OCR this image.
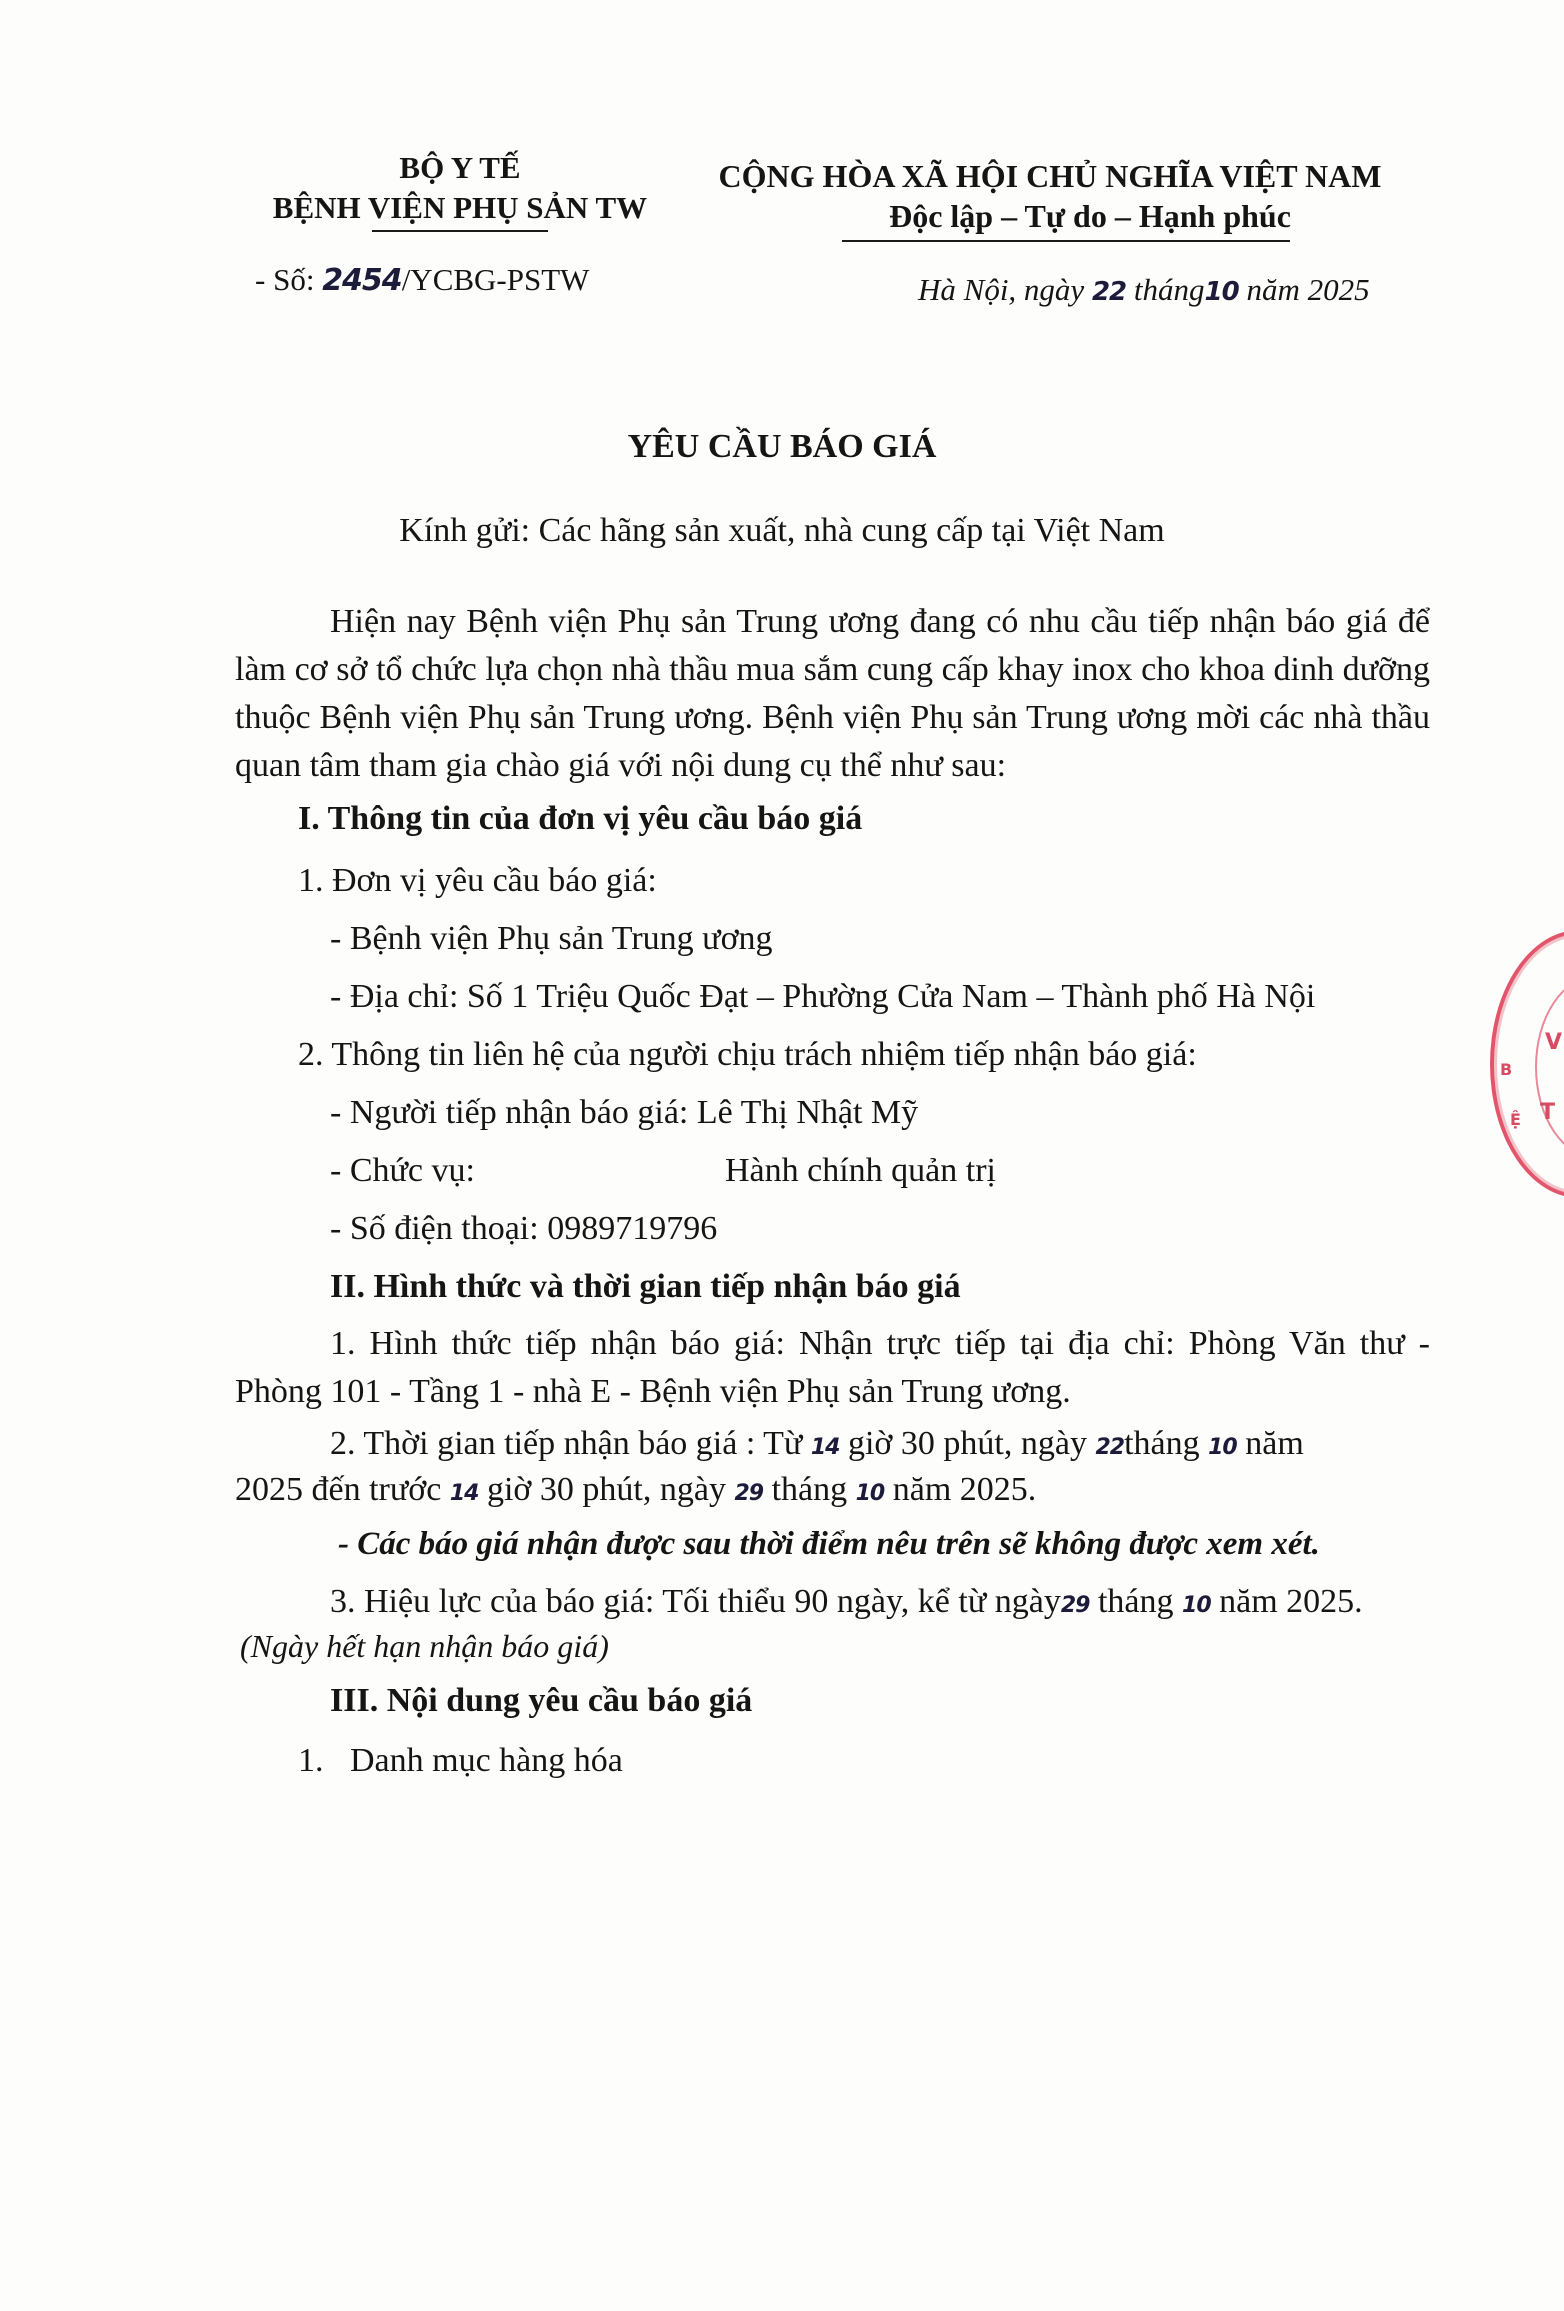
BỘ Y TẾ
BỆNH VIỆN PHỤ SẢN TW
- Số: 2454/YCBG-PSTW
CỘNG HÒA XÃ HỘI CHỦ NGHĨA VIỆT NAM
Độc lập – Tự do – Hạnh phúc
Hà Nội, ngày 22 tháng10 năm 2025
YÊU CẦU BÁO GIÁ
Kính gửi: Các hãng sản xuất, nhà cung cấp tại Việt Nam
Hiện nay Bệnh viện Phụ sản Trung ương đang có nhu cầu tiếp nhận báo giá để làm cơ sở tổ chức lựa chọn nhà thầu mua sắm cung cấp khay inox cho khoa dinh dưỡng thuộc Bệnh viện Phụ sản Trung ương. Bệnh viện Phụ sản Trung ương mời các nhà thầu quan tâm tham gia chào giá với nội dung cụ thể như sau:
I. Thông tin của đơn vị yêu cầu báo giá
1. Đơn vị yêu cầu báo giá:
- Bệnh viện Phụ sản Trung ương
- Địa chỉ: Số 1 Triệu Quốc Đạt – Phường Cửa Nam – Thành phố Hà Nội
2. Thông tin liên hệ của người chịu trách nhiệm tiếp nhận báo giá:
- Người tiếp nhận báo giá: Lê Thị Nhật Mỹ
- Chức vụ:	Hành chính quản trị
- Số điện thoại: 0989719796
II. Hình thức và thời gian tiếp nhận báo giá
1. Hình thức tiếp nhận báo giá: Nhận trực tiếp tại địa chỉ: Phòng Văn thư - Phòng 101 - Tầng 1 - nhà E - Bệnh viện Phụ sản Trung ương.
2. Thời gian tiếp nhận báo giá : Từ 14 giờ 30 phút, ngày 22tháng 10 năm
2025 đến trước 14 giờ 30 phút, ngày 29 tháng 10 năm 2025.
- Các báo giá nhận được sau thời điểm nêu trên sẽ không được xem xét.
3. Hiệu lực của báo giá: Tối thiểu 90 ngày, kể từ ngày29 tháng 10 năm 2025.
(Ngày hết hạn nhận báo giá)
III. Nội dung yêu cầu báo giá
1. Danh mục hàng hóa
B
V
Ệ T
